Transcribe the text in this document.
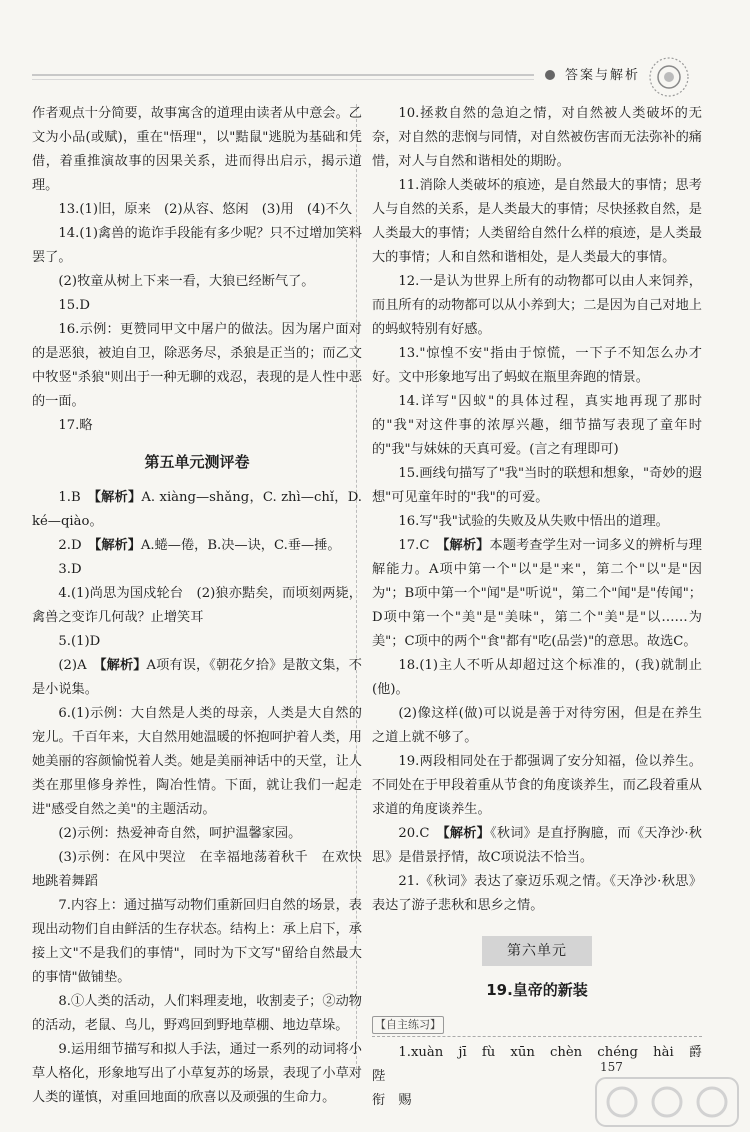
答案与解析

作者观点十分简要，故事寓含的道理由读者从中意会。乙文为小品(或赋)，重在"悟理"，以"黠鼠"逃脱为基础和凭借，着重推演故事的因果关系，进而得出启示，揭示道理。

13.(1)旧，原来　(2)从容、悠闲　(3)用　(4)不久

14.(1)禽兽的诡诈手段能有多少呢？只不过增加笑料罢了。

(2)牧童从树上下来一看，大狼已经断气了。

15.D

16.示例：更赞同甲文中屠户的做法。因为屠户面对的是恶狼，被迫自卫，除恶务尽，杀狼是正当的；而乙文中牧竖"杀狼"则出于一种无聊的戏忍，表现的是人性中恶的一面。

17.略

第五单元测评卷

1.B　【解析】A. xiàng—shǎng，C. zhì—chǐ，D. ké—qiào。

2.D　【解析】A.蜷—倦，B.决—诀，C.垂—捶。

3.D

4.(1)尚思为国戍轮台　(2)狼亦黠矣，而顷刻两毙，禽兽之变诈几何哉？止增笑耳

5.(1)D

(2)A　【解析】A项有误，《朝花夕拾》是散文集，不是小说集。

6.(1)示例：大自然是人类的母亲，人类是大自然的宠儿。千百年来，大自然用她温暖的怀抱呵护着人类，用她美丽的容颜愉悦着人类。她是美丽神话中的天堂，让人类在那里修身养性，陶冶性情。下面，就让我们一起走进"感受自然之美"的主题活动。

(2)示例：热爱神奇自然，呵护温馨家园。

(3)示例：在风中哭泣　在幸福地荡着秋千　在欢快地跳着舞蹈

7.内容上：通过描写动物们重新回归自然的场景，表现出动物们自由鲜活的生存状态。结构上：承上启下，承接上文"不是我们的事情"，同时为下文写"留给自然最大的事情"做铺垫。

8.①人类的活动，人们料理麦地，收割麦子；②动物的活动，老鼠、鸟儿，野鸡回到野地草棚、地边草垛。

9.运用细节描写和拟人手法，通过一系列的动词将小草人格化，形象地写出了小草复苏的场景，表现了小草对人类的谨慎，对重回地面的欣喜以及顽强的生命力。

10.拯救自然的急迫之情，对自然被人类破坏的无奈，对自然的悲悯与同情，对自然被伤害而无法弥补的痛惜，对人与自然和谐相处的期盼。

11.消除人类破坏的痕迹，是自然最大的事情；思考人与自然的关系，是人类最大的事情；尽快拯救自然，是人类最大的事情；人类留给自然什么样的痕迹，是人类最大的事情；人和自然和谐相处，是人类最大的事情。

12.一是认为世界上所有的动物都可以由人来饲养，而且所有的动物都可以从小养到大；二是因为自己对地上的蚂蚁特别有好感。

13."惊惶不安"指由于惊慌，一下子不知怎么办才好。文中形象地写出了蚂蚁在瓶里奔跑的情景。

14.详写"囚蚁"的具体过程，真实地再现了那时的"我"对这件事的浓厚兴趣，细节描写表现了童年时的"我"与妹妹的天真可爱。(言之有理即可)

15.画线句描写了"我"当时的联想和想象，"奇妙的遐想"可见童年时的"我"的可爱。

16.写"我"试验的失败及从失败中悟出的道理。

17.C　【解析】本题考查学生对一词多义的辨析与理解能力。A项中第一个"以"是"来"，第二个"以"是"因为"；B项中第一个"闻"是"听说"，第二个"闻"是"传闻"；D项中第一个"美"是"美味"，第二个"美"是"以……为美"；C项中的两个"食"都有"吃(品尝)"的意思。故选C。

18.(1)主人不听从却超过这个标准的，(我)就制止(他)。

(2)像这样(做)可以说是善于对待穷困，但是在养生之道上就不够了。

19.两段相同处在于都强调了安分知福，俭以养生。不同处在于甲段着重从节食的角度谈养生，而乙段着重从求道的角度谈养生。

20.C　【解析】《秋词》是直抒胸臆，而《天净沙·秋思》是借景抒情，故C项说法不恰当。

21.《秋词》表达了豪迈乐观之情。《天净沙·秋思》表达了游子悲秋和思乡之情。

第六单元
19.皇帝的新装
【自主练习】

1.xuàn　jī　fù　xūn　chèn　chéng　hài　爵　陛

衔　赐

157
